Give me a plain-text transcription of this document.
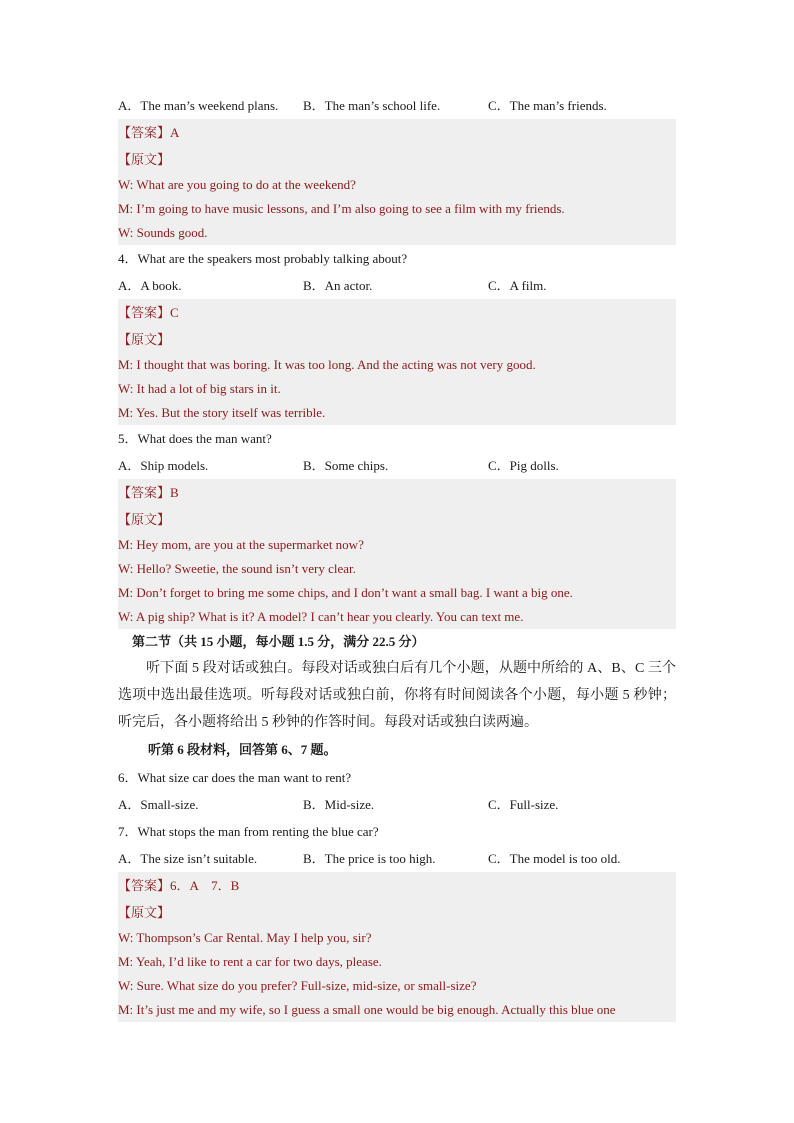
A．The man’s weekend plans.	B．The man’s school life.	C．The man’s friends.
【答案】A
【原文】
W: What are you going to do at the weekend?
M: I’m going to have music lessons, and I’m also going to see a film with my friends.
W: Sounds good.
4．What are the speakers most probably talking about?
A．A book.	B．An actor.	C．A film.
【答案】C
【原文】
M: I thought that was boring. It was too long. And the acting was not very good.
W: It had a lot of big stars in it.
M: Yes. But the story itself was terrible.
5．What does the man want?
A．Ship models.	B．Some chips.	C．Pig dolls.
【答案】B
【原文】
M: Hey mom, are you at the supermarket now?
W: Hello? Sweetie, the sound isn’t very clear.
M: Don’t forget to bring me some chips, and I don’t want a small bag. I want a big one.
W: A pig ship? What is it? A model? I can’t hear you clearly. You can text me.
第二节（共 15 小题，每小题 1.5 分，满分 22.5 分）
听下面 5 段对话或独白。每段对话或独白后有几个小题，从题中所给的 A、B、C 三个选项中选出最佳选项。听每段对话或独白前，你将有时间阅读各个小题，每小题 5 秒钟；听完后，各小题将给出 5 秒钟的作答时间。每段对话或独白读两遍。
听第 6 段材料，回答第 6、7 题。
6．What size car does the man want to rent?
A．Small-size.	B．Mid-size.	C．Full-size.
7．What stops the man from renting the blue car?
A．The size isn’t suitable.	B．The price is too high.	C．The model is too old.
【答案】6．A　7．B
【原文】
W: Thompson’s Car Rental. May I help you, sir?
M: Yeah, I’d like to rent a car for two days, please.
W: Sure. What size do you prefer? Full-size, mid-size, or small-size?
M: It’s just me and my wife, so I guess a small one would be big enough. Actually this blue one
